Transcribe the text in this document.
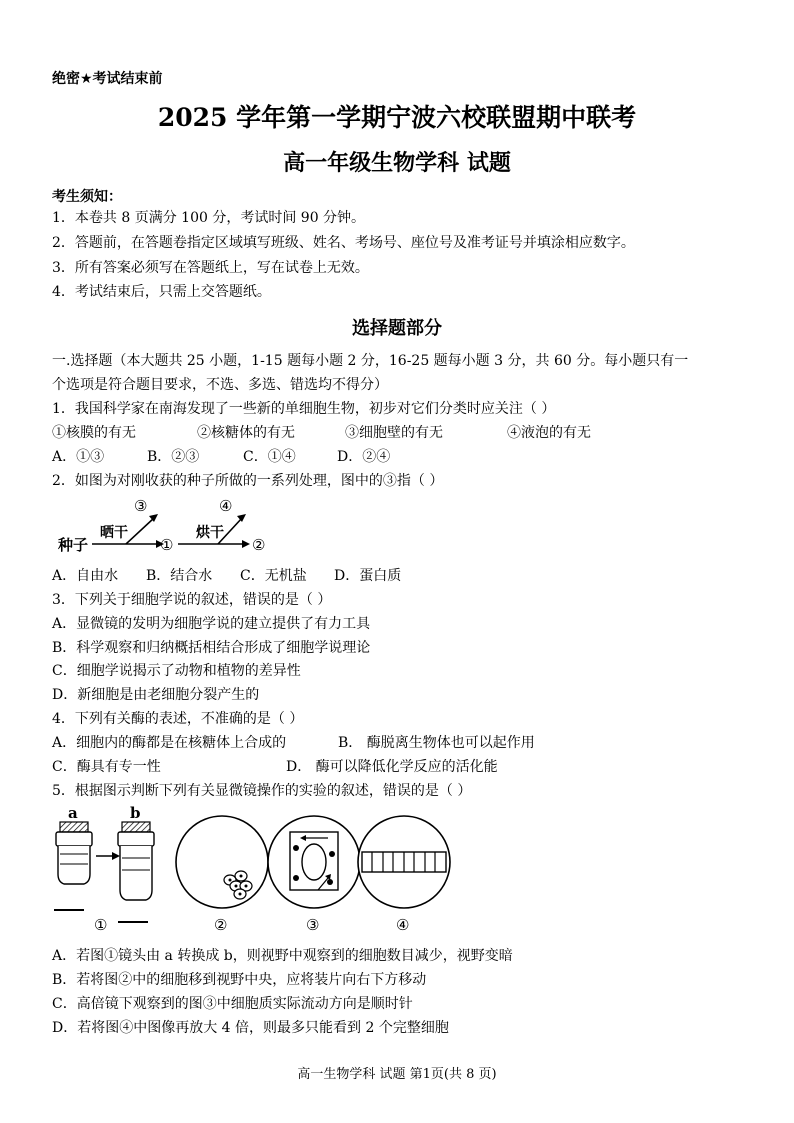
绝密★考试结束前
2025 学年第一学期宁波六校联盟期中联考
高一年级生物学科 试题
考生须知：
1．本卷共 8 页满分 100 分，考试时间 90 分钟。
2．答题前，在答题卷指定区域填写班级、姓名、考场号、座位号及准考证号并填涂相应数字。
3．所有答案必须写在答题纸上，写在试卷上无效。
4．考试结束后，只需上交答题纸。
选择题部分
一.选择题（本大题共 25 小题，1-15 题每小题 2 分，16-25 题每小题 3 分，共 60 分。每小题只有一
个选项是符合题目要求，不选、多选、错选均不得分）
1．我国科学家在南海发现了一些新的单细胞生物，初步对它们分类时应关注（ ）
①核膜的有无	②核糖体的有无	③细胞壁的有无	④液泡的有无
A．①③	B．②③	C．①④	D．②④
2．如图为对刚收获的种子所做的一系列处理，图中的③指（ ）
种子
晒干
③
①
烘干
④
②
A．自由水 B．结合水 C．无机盐 D．蛋白质
3．下列关于细胞学说的叙述，错误的是（ ）
A．显微镜的发明为细胞学说的建立提供了有力工具
B．科学观察和归纳概括相结合形成了细胞学说理论
C．细胞学说揭示了动物和植物的差异性
D．新细胞是由老细胞分裂产生的
4．下列有关酶的表述，不准确的是（ ）
A．细胞内的酶都是在核糖体上合成的	B． 酶脱离生物体也可以起作用
C．酶具有专一性	D． 酶可以降低化学反应的活化能
5．根据图示判断下列有关显微镜操作的实验的叙述，错误的是（ ）
a	b
①	②	③	④
A．若图①镜头由 a 转换成 b，则视野中观察到的细胞数目减少，视野变暗
B．若将图②中的细胞移到视野中央，应将装片向右下方移动
C．高倍镜下观察到的图③中细胞质实际流动方向是顺时针
D．若将图④中图像再放大 4 倍，则最多只能看到 2 个完整细胞
高一生物学科 试题 第1页(共 8 页)
